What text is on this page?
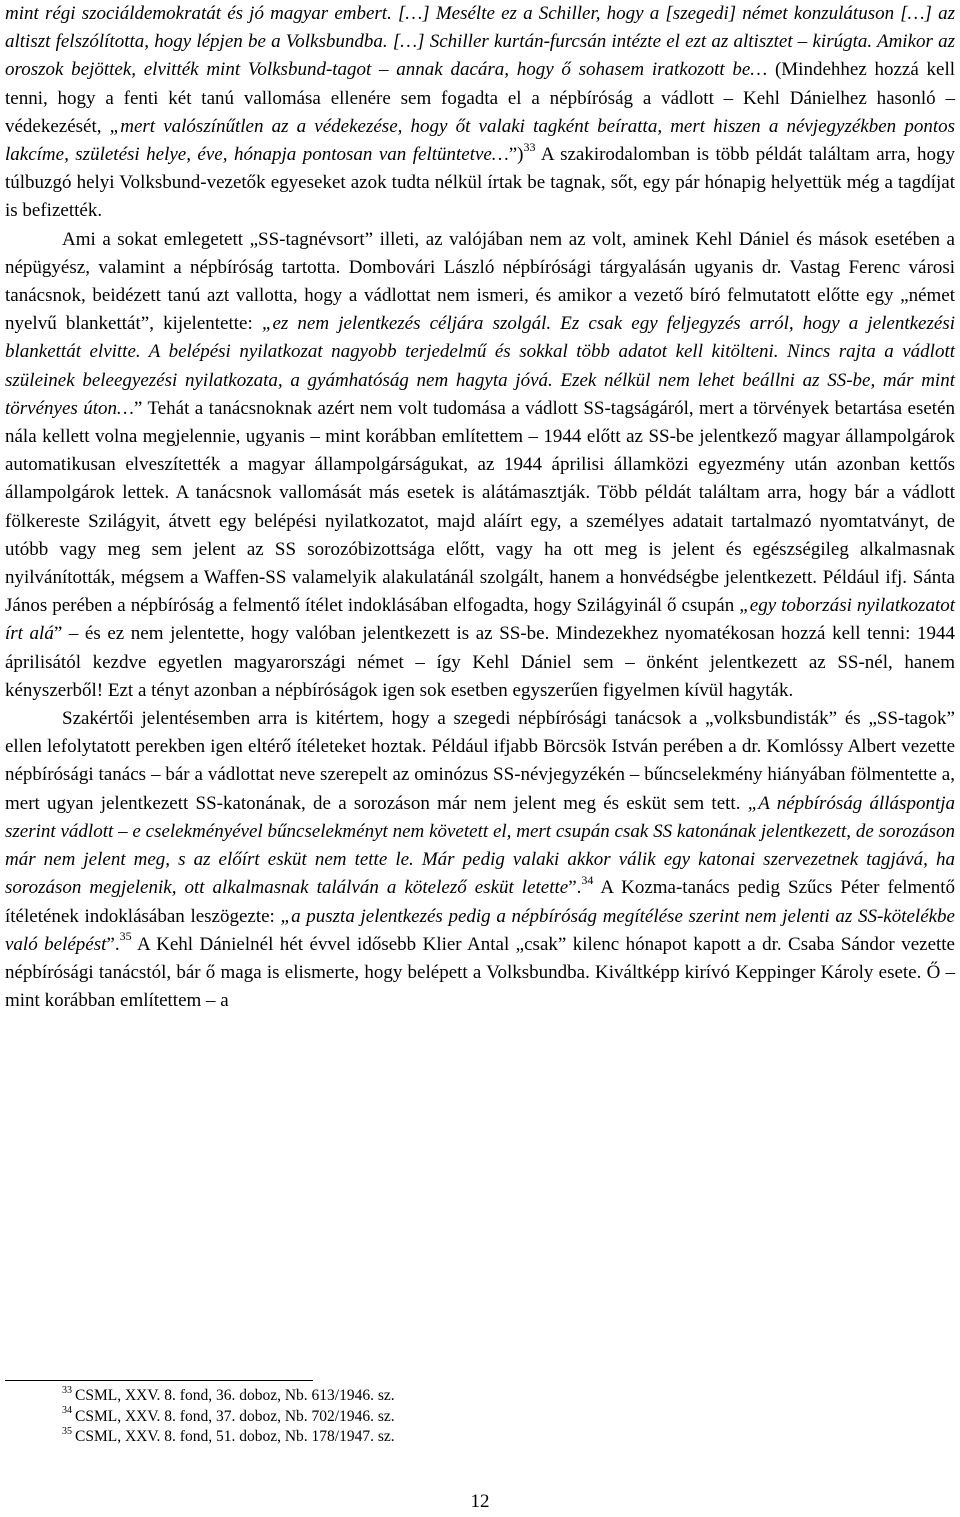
mint régi szociáldemokratát és jó magyar embert. […] Mesélte ez a Schiller, hogy a [szegedi] német konzulátuson […] az altiszt felszólította, hogy lépjen be a Volksbundba. […] Schiller kurtán-furcsán intézte el ezt az altisztet – kirúgta. Amikor az oroszok bejöttek, elvitték mint Volksbund-tagot – annak dacára, hogy ő sohasem iratkozott be… (Mindehhez hozzá kell tenni, hogy a fenti két tanú vallomása ellenére sem fogadta el a népbíróság a vádlott – Kehl Dánielhez hasonló – védekezését, „mert valószínűtlen az a védekezése, hogy őt valaki tagként beíratta, mert hiszen a névjegyzékben pontos lakcíme, születési helye, éve, hónapja pontosan van feltüntetve…”)$^{33}$ A szakirodalomban is több példát találtam arra, hogy túlbuzgó helyi Volksbund-vezetők egyeseket azok tudta nélkül írtak be tagnak, sőt, egy pár hónapig helyettük még a tagdíjat is befizették.

Ami a sokat emlegetett „SS-tagnévsort” illeti, az valójában nem az volt, aminek Kehl Dániel és mások esetében a népügyész, valamint a népbíróság tartotta. Dombovári László népbírósági tárgyalásán ugyanis dr. Vastag Ferenc városi tanácsnok, beidézett tanú azt vallotta, hogy a vádlottat nem ismeri, és amikor a vezető bíró felmutatott előtte egy „német nyelvű blankettát”, kijelentette: „ez nem jelentkezés céljára szolgál. Ez csak egy feljegyzés arról, hogy a jelentkezési blankettát elvitte. A belépési nyilatkozat nagyobb terjedelmű és sokkal több adatot kell kitölteni. Nincs rajta a vádlott szüleinek beleegyezési nyilatkozata, a gyámhatóság nem hagyta jóvá. Ezek nélkül nem lehet beállni az SS-be, már mint törvényes úton…” Tehát a tanácsnoknak azért nem volt tudomása a vádlott SS-tagságáról, mert a törvények betartása esetén nála kellett volna megjelennie, ugyanis – mint korábban említettem – 1944 előtt az SS-be jelentkező magyar állampolgárok automatikusan elveszítették a magyar állampolgárságukat, az 1944 áprilisi államközi egyezmény után azonban kettős állampolgárok lettek. A tanácsnok vallomását más esetek is alátámasztják. Több példát találtam arra, hogy bár a vádlott fölkereste Szilágyit, átvett egy belépési nyilatkozatot, majd aláírt egy, a személyes adatait tartalmazó nyomtatványt, de utóbb vagy meg sem jelent az SS sorozóbizottsága előtt, vagy ha ott meg is jelent és egészségileg alkalmasnak nyilvánították, mégsem a Waffen-SS valamelyik alakulatánál szolgált, hanem a honvédségbe jelentkezett. Például ifj. Sánta János perében a népbíróság a felmentő ítélet indoklásában elfogadta, hogy Szilágyinál ő csupán „egy toborzási nyilatkozatot írt alá” – és ez nem jelentette, hogy valóban jelentkezett is az SS-be. Mindezekhez nyomatékosan hozzá kell tenni: 1944 áprilisától kezdve egyetlen magyarországi német – így Kehl Dániel sem – önként jelentkezett az SS-nél, hanem kényszerből! Ezt a tényt azonban a népbíróságok igen sok esetben egyszerűen figyelmen kívül hagyták.

Szakértői jelentésemben arra is kitértem, hogy a szegedi népbírósági tanácsok a „volksbundisták” és „SS-tagok” ellen lefolytatott perekben igen eltérő ítéleteket hoztak. Például ifjabb Börcsök István perében a dr. Komlóssy Albert vezette népbírósági tanács – bár a vádlottat neve szerepelt az ominózus SS-névjegyzékén – bűncselekmény hiányában fölmentette a, mert ugyan jelentkezett SS-katonának, de a sorozáson már nem jelent meg és esküt sem tett. „A népbíróság álláspontja szerint vádlott – e cselekményével bűncselekményt nem követett el, mert csupán csak SS katonának jelentkezett, de sorozáson már nem jelent meg, s az előírt esküt nem tette le. Már pedig valaki akkor válik egy katonai szervezetnek tagjává, ha sorozáson megjelenik, ott alkalmasnak találván a kötelező esküt letette”.$^{34}$ A Kozma-tanács pedig Szűcs Péter felmentő ítéletének indoklásában leszögezte: „a puszta jelentkezés pedig a népbíróság megítélése szerint nem jelenti az SS-kötelékbe való belépést”.$^{35}$ A Kehl Dánielnél hét évvel idősebb Klier Antal „csak” kilenc hónapot kapott a dr. Csaba Sándor vezette népbírósági tanácstól, bár ő maga is elismerte, hogy belépett a Volksbundba. Kiváltképp kirívó Keppinger Károly esete. Ő – mint korábban említettem – a

$^{33}$ CSML, XXV. 8. fond, 36. doboz, Nb. 613/1946. sz.

$^{34}$ CSML, XXV. 8. fond, 37. doboz, Nb. 702/1946. sz.

$^{35}$ CSML, XXV. 8. fond, 51. doboz, Nb. 178/1947. sz.

12
